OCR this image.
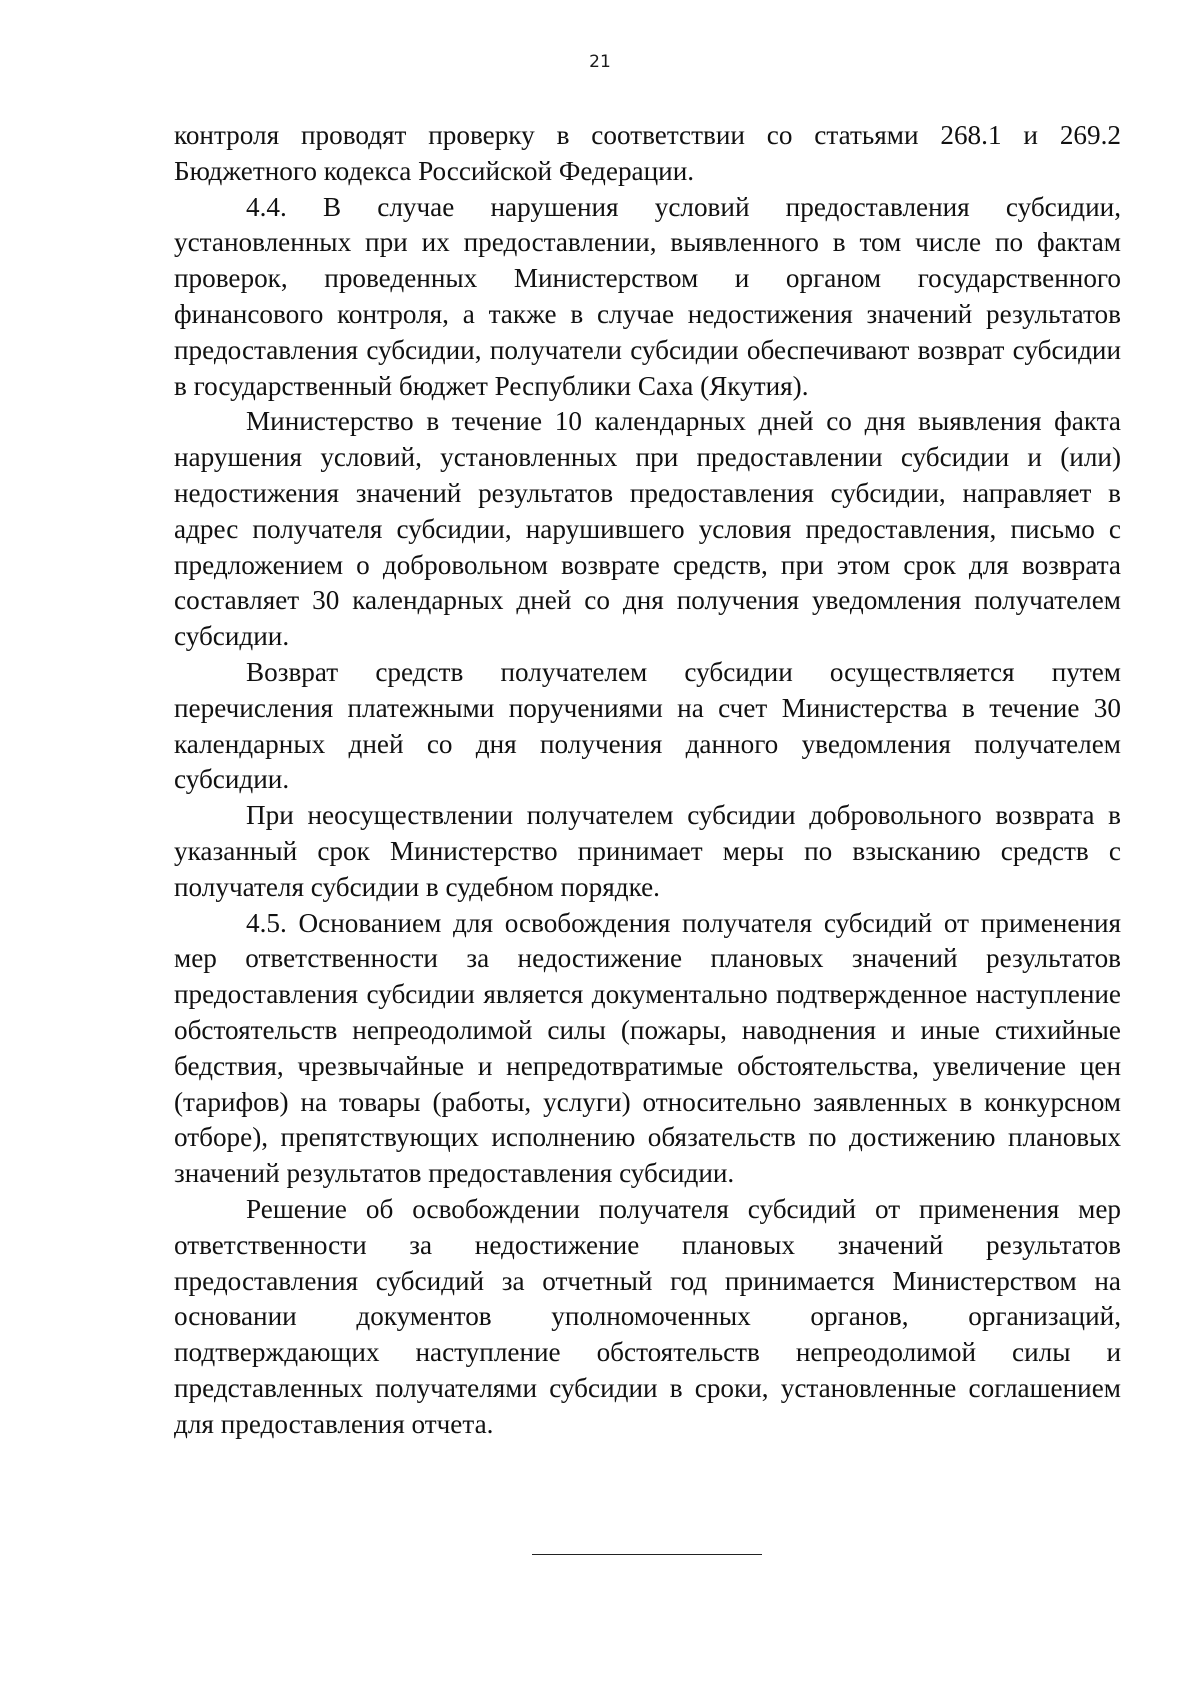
21

контроля проводят проверку в соответствии со статьями 268.1 и 269.2 Бюджетного кодекса Российской Федерации.

4.4. В случае нарушения условий предоставления субсидии, установленных при их предоставлении, выявленного в том числе по фактам проверок, проведенных Министерством и органом государственного финансового контроля, а также в случае недостижения значений результатов предоставления субсидии, получатели субсидии обеспечивают возврат субсидии в государственный бюджет Республики Саха (Якутия).

Министерство в течение 10 календарных дней со дня выявления факта нарушения условий, установленных при предоставлении субсидии и (или) недостижения значений результатов предоставления субсидии, направляет в адрес получателя субсидии, нарушившего условия предоставления, письмо с предложением о добровольном возврате средств, при этом срок для возврата составляет 30 календарных дней со дня получения уведомления получателем субсидии.

Возврат средств получателем субсидии осуществляется путем перечисления платежными поручениями на счет Министерства в течение 30 календарных дней со дня получения данного уведомления получателем субсидии.

При неосуществлении получателем субсидии добровольного возврата в указанный срок Министерство принимает меры по взысканию средств с получателя субсидии в судебном порядке.

4.5. Основанием для освобождения получателя субсидий от применения мер ответственности за недостижение плановых значений результатов предоставления субсидии является документально подтвержденное наступление обстоятельств непреодолимой силы (пожары, наводнения и иные стихийные бедствия, чрезвычайные и непредотвратимые обстоятельства, увеличение цен (тарифов) на товары (работы, услуги) относительно заявленных в конкурсном отборе), препятствующих исполнению обязательств по достижению плановых значений результатов предоставления субсидии.

Решение об освобождении получателя субсидий от применения мер ответственности за недостижение плановых значений результатов предоставления субсидий за отчетный год принимается Министерством на основании документов уполномоченных органов, организаций, подтверждающих наступление обстоятельств непреодолимой силы и представленных получателями субсидии в сроки, установленные соглашением для предоставления отчета.
